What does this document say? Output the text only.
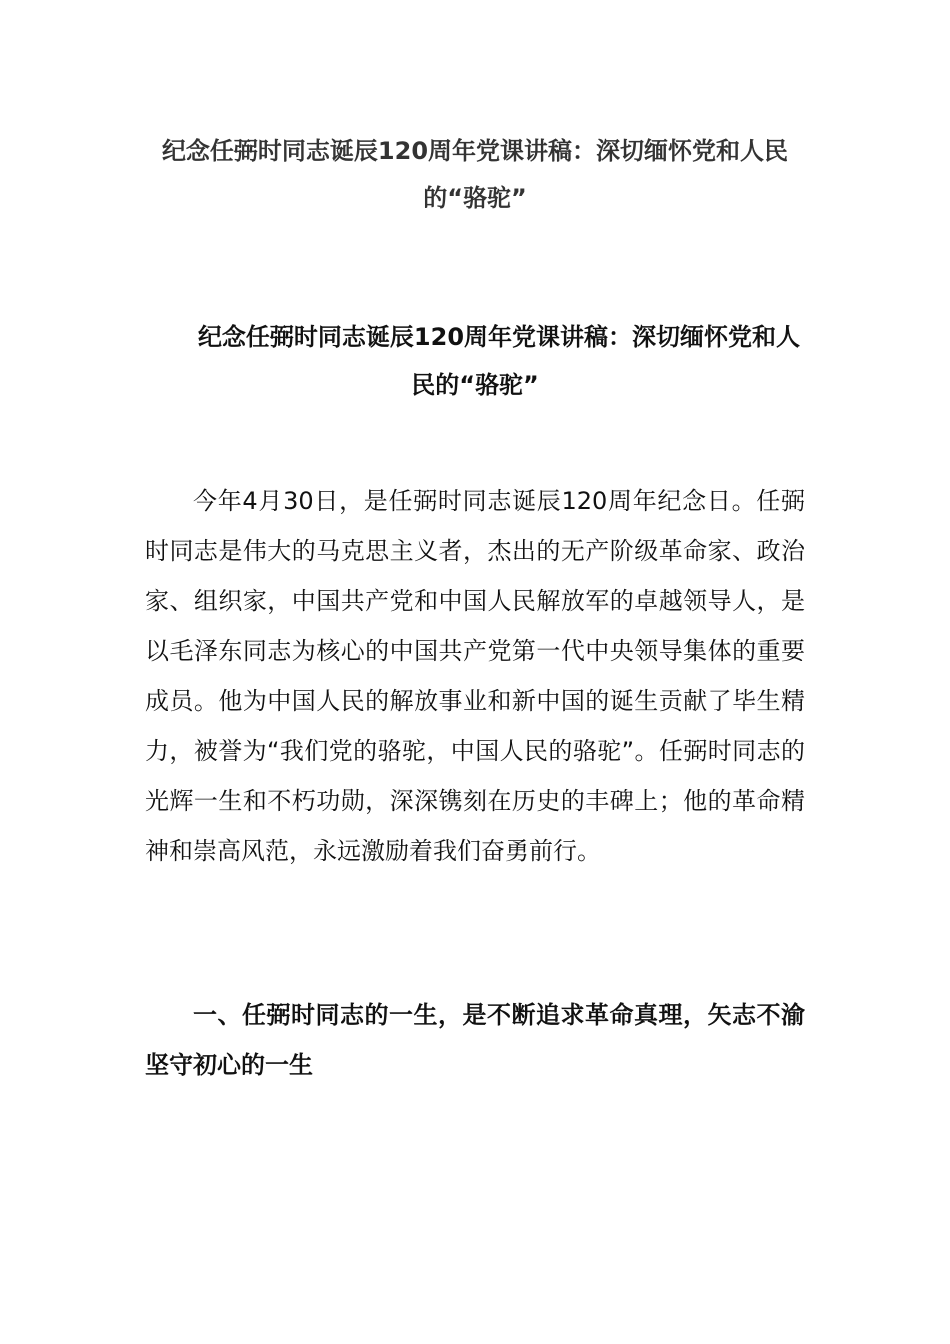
纪念任弼时同志诞辰120周年党课讲稿：深切缅怀党和人民的“骆驼”
纪念任弼时同志诞辰120周年党课讲稿：深切缅怀党和人民的“骆驼”

今年4月30日，是任弼时同志诞辰120周年纪念日。任弼时同志是伟大的马克思主义者，杰出的无产阶级革命家、政治家、组织家，中国共产党和中国人民解放军的卓越领导人，是以毛泽东同志为核心的中国共产党第一代中央领导集体的重要成员。他为中国人民的解放事业和新中国的诞生贡献了毕生精力，被誉为“我们党的骆驼，中国人民的骆驼”。任弼时同志的光辉一生和不朽功勋，深深镌刻在历史的丰碑上；他的革命精神和崇高风范，永远激励着我们奋勇前行。

一、任弼时同志的一生，是不断追求革命真理，矢志不渝坚守初心的一生
